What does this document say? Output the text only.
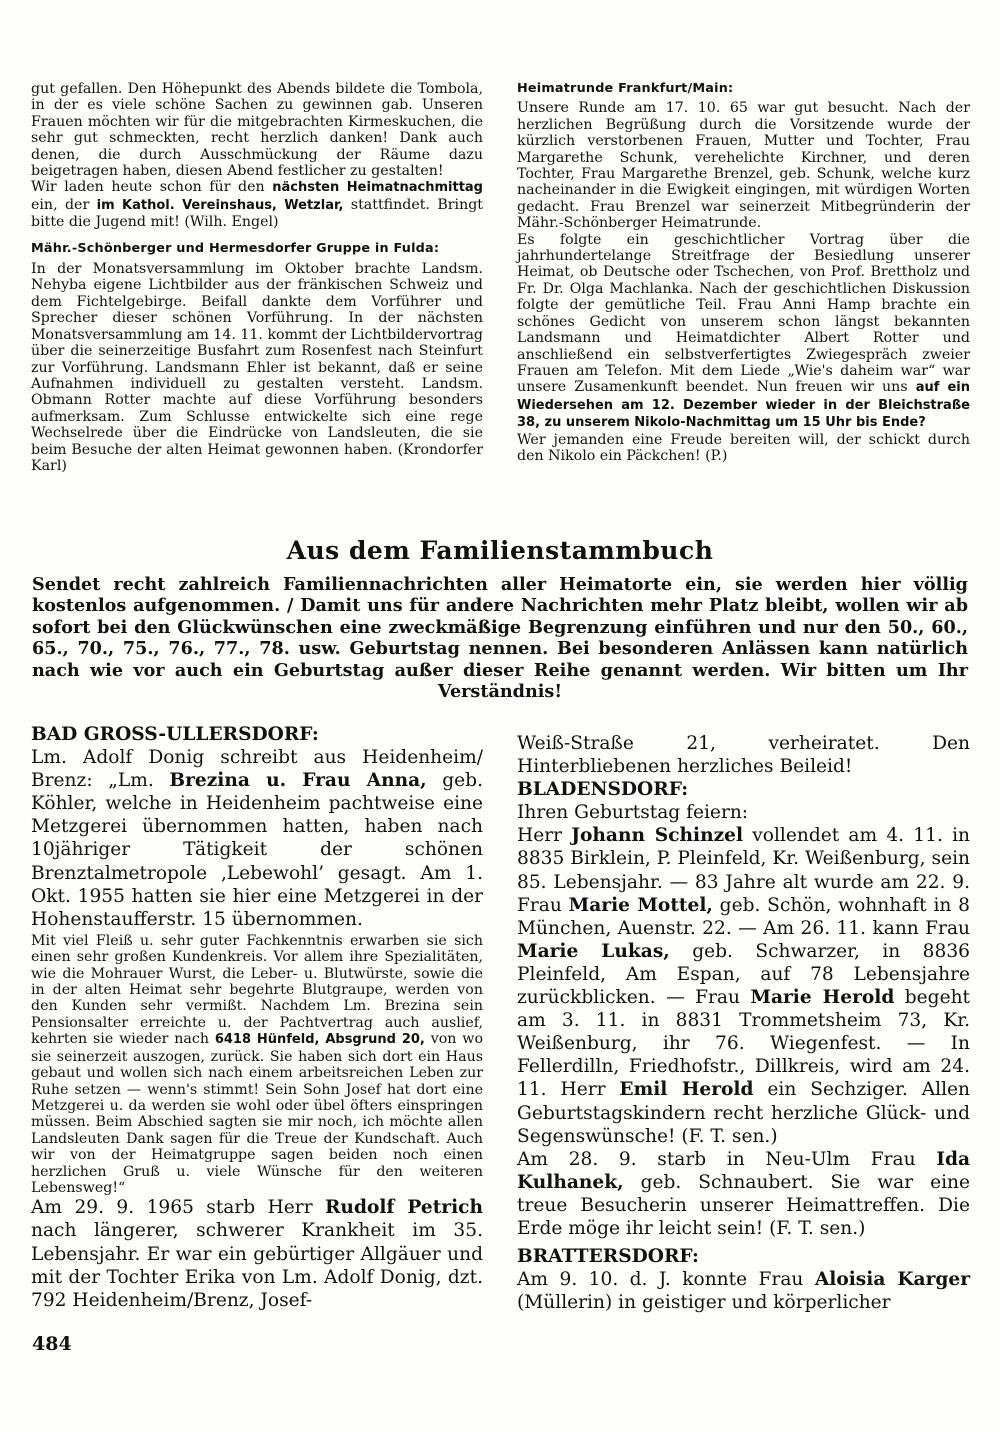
gut gefallen. Den Höhepunkt des Abends bildete die Tombola, in der es viele schöne Sachen zu gewinnen gab. Unseren Frauen möchten wir für die mitgebrachten Kirmeskuchen, die sehr gut schmeckten, recht herzlich danken! Dank auch denen, die durch Ausschmückung der Räume dazu beigetragen haben, diesen Abend festlicher zu gestalten!

Wir laden heute schon für den nächsten Heimatnachmittag ein, der im Kathol. Vereinshaus, Wetzlar, stattfindet. Bringt bitte die Jugend mit! (Wilh. Engel)

Mähr.-Schönberger und Hermesdorfer Gruppe in Fulda:

In der Monatsversammlung im Oktober brachte Landsm. Nehyba eigene Lichtbilder aus der fränkischen Schweiz und dem Fichtelgebirge. Beifall dankte dem Vorführer und Sprecher dieser schönen Vorführung. In der nächsten Monatsversammlung am 14. 11. kommt der Lichtbildervortrag über die seinerzeitige Busfahrt zum Rosenfest nach Steinfurt zur Vorführung. Landsmann Ehler ist bekannt, daß er seine Aufnahmen individuell zu gestalten versteht. Landsm. Obmann Rotter machte auf diese Vorführung besonders aufmerksam. Zum Schlusse entwickelte sich eine rege Wechselrede über die Eindrücke von Landsleuten, die sie beim Besuche der alten Heimat gewonnen haben. (Krondorfer Karl)

Heimatrunde Frankfurt/Main:

Unsere Runde am 17. 10. 65 war gut besucht. Nach der herzlichen Begrüßung durch die Vorsitzende wurde der kürzlich verstorbenen Frauen, Mutter und Tochter, Frau Margarethe Schunk, verehelichte Kirchner, und deren Tochter, Frau Margarethe Brenzel, geb. Schunk, welche kurz nacheinander in die Ewigkeit eingingen, mit würdigen Worten gedacht. Frau Brenzel war seinerzeit Mitbegründerin der Mähr.-Schönberger Heimatrunde.

Es folgte ein geschichtlicher Vortrag über die jahrhundertelange Streitfrage der Besiedlung unserer Heimat, ob Deutsche oder Tschechen, von Prof. Brettholz und Fr. Dr. Olga Machlanka. Nach der geschichtlichen Diskussion folgte der gemütliche Teil. Frau Anni Hamp brachte ein schönes Gedicht von unserem schon längst bekannten Landsmann und Heimatdichter Albert Rotter und anschließend ein selbstverfertigtes Zwiegespräch zweier Frauen am Telefon. Mit dem Liede „Wie's daheim war“ war unsere Zusamenkunft beendet. Nun freuen wir uns auf ein Wiedersehen am 12. Dezember wieder in der Bleichstraße 38, zu unserem Nikolo-Nachmittag um 15 Uhr bis Ende?

Wer jemanden eine Freude bereiten will, der schickt durch den Nikolo ein Päckchen! (P.)

Aus dem Familienstammbuch
Sendet recht zahlreich Familiennachrichten aller Heimatorte ein, sie werden hier völlig kostenlos aufgenommen. / Damit uns für andere Nachrichten mehr Platz bleibt, wollen wir ab sofort bei den Glückwünschen eine zweckmäßige Begrenzung einführen und nur den 50., 60., 65., 70., 75., 76., 77., 78. usw. Geburtstag nennen. Bei besonderen Anlässen kann natürlich nach wie vor auch ein Geburtstag außer dieser Reihe genannt werden. Wir bitten um Ihr Verständnis!

BAD GROSS-ULLERSDORF:

Lm. Adolf Donig schreibt aus Heidenheim/ Brenz: „Lm. Brezina u. Frau Anna, geb. Köhler, welche in Heidenheim pachtweise eine Metzgerei übernommen hatten, haben nach 10jähriger Tätigkeit der schönen Brenztalmetropole ‚Lebewohl’ gesagt. Am 1. Okt. 1955 hatten sie hier eine Metzgerei in der Hohenstaufferstr. 15 übernommen.

Mit viel Fleiß u. sehr guter Fachkenntnis erwarben sie sich einen sehr großen Kundenkreis. Vor allem ihre Spezialitäten, wie die Mohrauer Wurst, die Leber- u. Blutwürste, sowie die in der alten Heimat sehr begehrte Blutgraupe, werden von den Kunden sehr vermißt. Nachdem Lm. Brezina sein Pensionsalter erreichte u. der Pachtvertrag auch auslief, kehrten sie wieder nach 6418 Hünfeld, Absgrund 20, von wo sie seinerzeit auszogen, zurück. Sie haben sich dort ein Haus gebaut und wollen sich nach einem arbeitsreichen Leben zur Ruhe setzen — wenn's stimmt! Sein Sohn Josef hat dort eine Metzgerei u. da werden sie wohl oder übel öfters einspringen müssen. Beim Abschied sagten sie mir noch, ich möchte allen Landsleuten Dank sagen für die Treue der Kundschaft. Auch wir von der Heimatgruppe sagen beiden noch einen herzlichen Gruß u. viele Wünsche für den weiteren Lebensweg!“

Am 29. 9. 1965 starb Herr Rudolf Petrich nach längerer, schwerer Krankheit im 35. Lebensjahr. Er war ein gebürtiger Allgäuer und mit der Tochter Erika von Lm. Adolf Donig, dzt. 792 Heidenheim/Brenz, Josef-

Weiß-Straße 21, verheiratet. Den Hinterbliebenen herzliches Beileid!

BLADENSDORF:

Ihren Geburtstag feiern:

Herr Johann Schinzel vollendet am 4. 11. in 8835 Birklein, P. Pleinfeld, Kr. Weißenburg, sein 85. Lebensjahr. — 83 Jahre alt wurde am 22. 9. Frau Marie Mottel, geb. Schön, wohnhaft in 8 München, Auenstr. 22. — Am 26. 11. kann Frau Marie Lukas, geb. Schwarzer, in 8836 Pleinfeld, Am Espan, auf 78 Lebensjahre zurückblicken. — Frau Marie Herold begeht am 3. 11. in 8831 Trommetsheim 73, Kr. Weißenburg, ihr 76. Wiegenfest. — In Fellerdilln, Friedhofstr., Dillkreis, wird am 24. 11. Herr Emil Herold ein Sechziger. Allen Geburtstagskindern recht herzliche Glück- und Segenswünsche! (F. T. sen.)

Am 28. 9. starb in Neu-Ulm Frau Ida Kulhanek, geb. Schnaubert. Sie war eine treue Besucherin unserer Heimattreffen. Die Erde möge ihr leicht sein! (F. T. sen.)

BRATTERSDORF:

Am 9. 10. d. J. konnte Frau Aloisia Karger (Müllerin) in geistiger und körperlicher

484
